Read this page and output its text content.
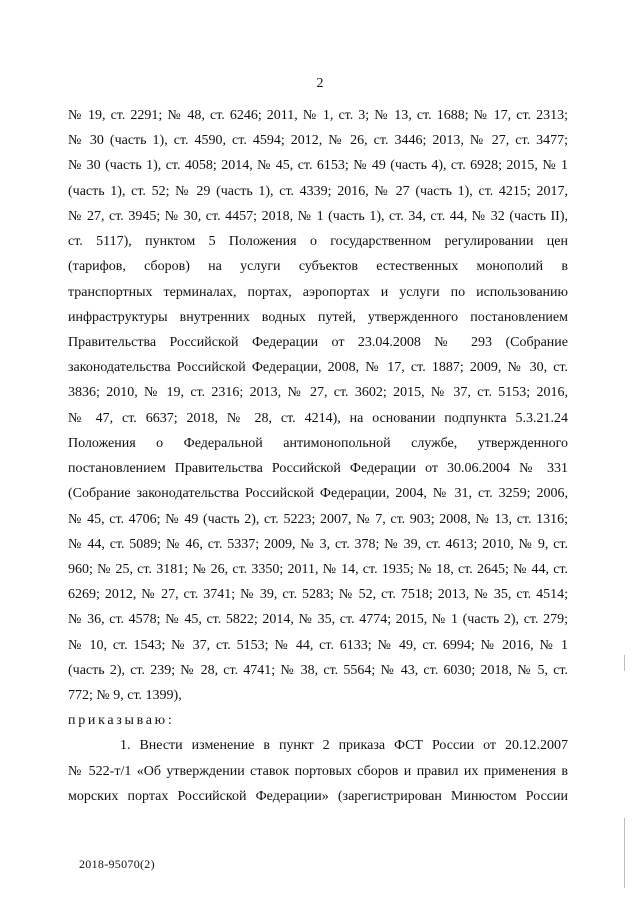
2
№ 19, ст. 2291; № 48, ст. 6246; 2011, № 1, ст. 3; № 13, ст. 1688; № 17, ст. 2313;
№ 30 (часть 1), ст. 4590, ст. 4594; 2012, № 26, ст. 3446; 2013, № 27, ст. 3477;
№ 30 (часть 1), ст. 4058; 2014, № 45, ст. 6153; № 49 (часть 4), ст. 6928; 2015, № 1
(часть 1), ст. 52; № 29 (часть 1), ст. 4339; 2016, № 27 (часть 1), ст. 4215; 2017,
№ 27, ст. 3945; № 30, ст. 4457; 2018, № 1 (часть 1), ст. 34, ст. 44, № 32 (часть II),
ст. 5117), пунктом 5 Положения о государственном регулировании цен
(тарифов, сборов) на услуги субъектов естественных монополий в
транспортных терминалах, портах, аэропортах и услуги по использованию
инфраструктуры внутренних водных путей, утвержденного постановлением
Правительства Российской Федерации от 23.04.2008 № 293 (Собрание
законодательства Российской Федерации, 2008, № 17, ст. 1887; 2009, № 30, ст.
3836; 2010, № 19, ст. 2316; 2013, № 27, ст. 3602; 2015, № 37, ст. 5153; 2016,
№ 47, ст. 6637; 2018, № 28, ст. 4214), на основании подпункта 5.3.21.24
Положения о Федеральной антимонопольной службе, утвержденного
постановлением Правительства Российской Федерации от 30.06.2004 № 331
(Собрание законодательства Российской Федерации, 2004, № 31, ст. 3259; 2006,
№ 45, ст. 4706; № 49 (часть 2), ст. 5223; 2007, № 7, ст. 903; 2008, № 13, ст. 1316;
№ 44, ст. 5089; № 46, ст. 5337; 2009, № 3, ст. 378; № 39, ст. 4613; 2010, № 9, ст.
960; № 25, ст. 3181; № 26, ст. 3350; 2011, № 14, ст. 1935; № 18, ст. 2645; № 44, ст.
6269; 2012, № 27, ст. 3741; № 39, ст. 5283; № 52, ст. 7518; 2013, № 35, ст. 4514;
№ 36, ст. 4578; № 45, ст. 5822; 2014, № 35, ст. 4774; 2015, № 1 (часть 2), ст. 279;
№ 10, ст. 1543; № 37, ст. 5153; № 44, ст. 6133; № 49, ст. 6994; № 2016, № 1
(часть 2), ст. 239; № 28, ст. 4741; № 38, ст. 5564; № 43, ст. 6030; 2018, № 5, ст.
772; № 9, ст. 1399),
приказываю:
1. Внести изменение в пункт 2 приказа ФСТ России от 20.12.2007
№ 522-т/1 «Об утверждении ставок портовых сборов и правил их применения в
морских портах Российской Федерации» (зарегистрирован Минюстом России
2018-95070(2)
